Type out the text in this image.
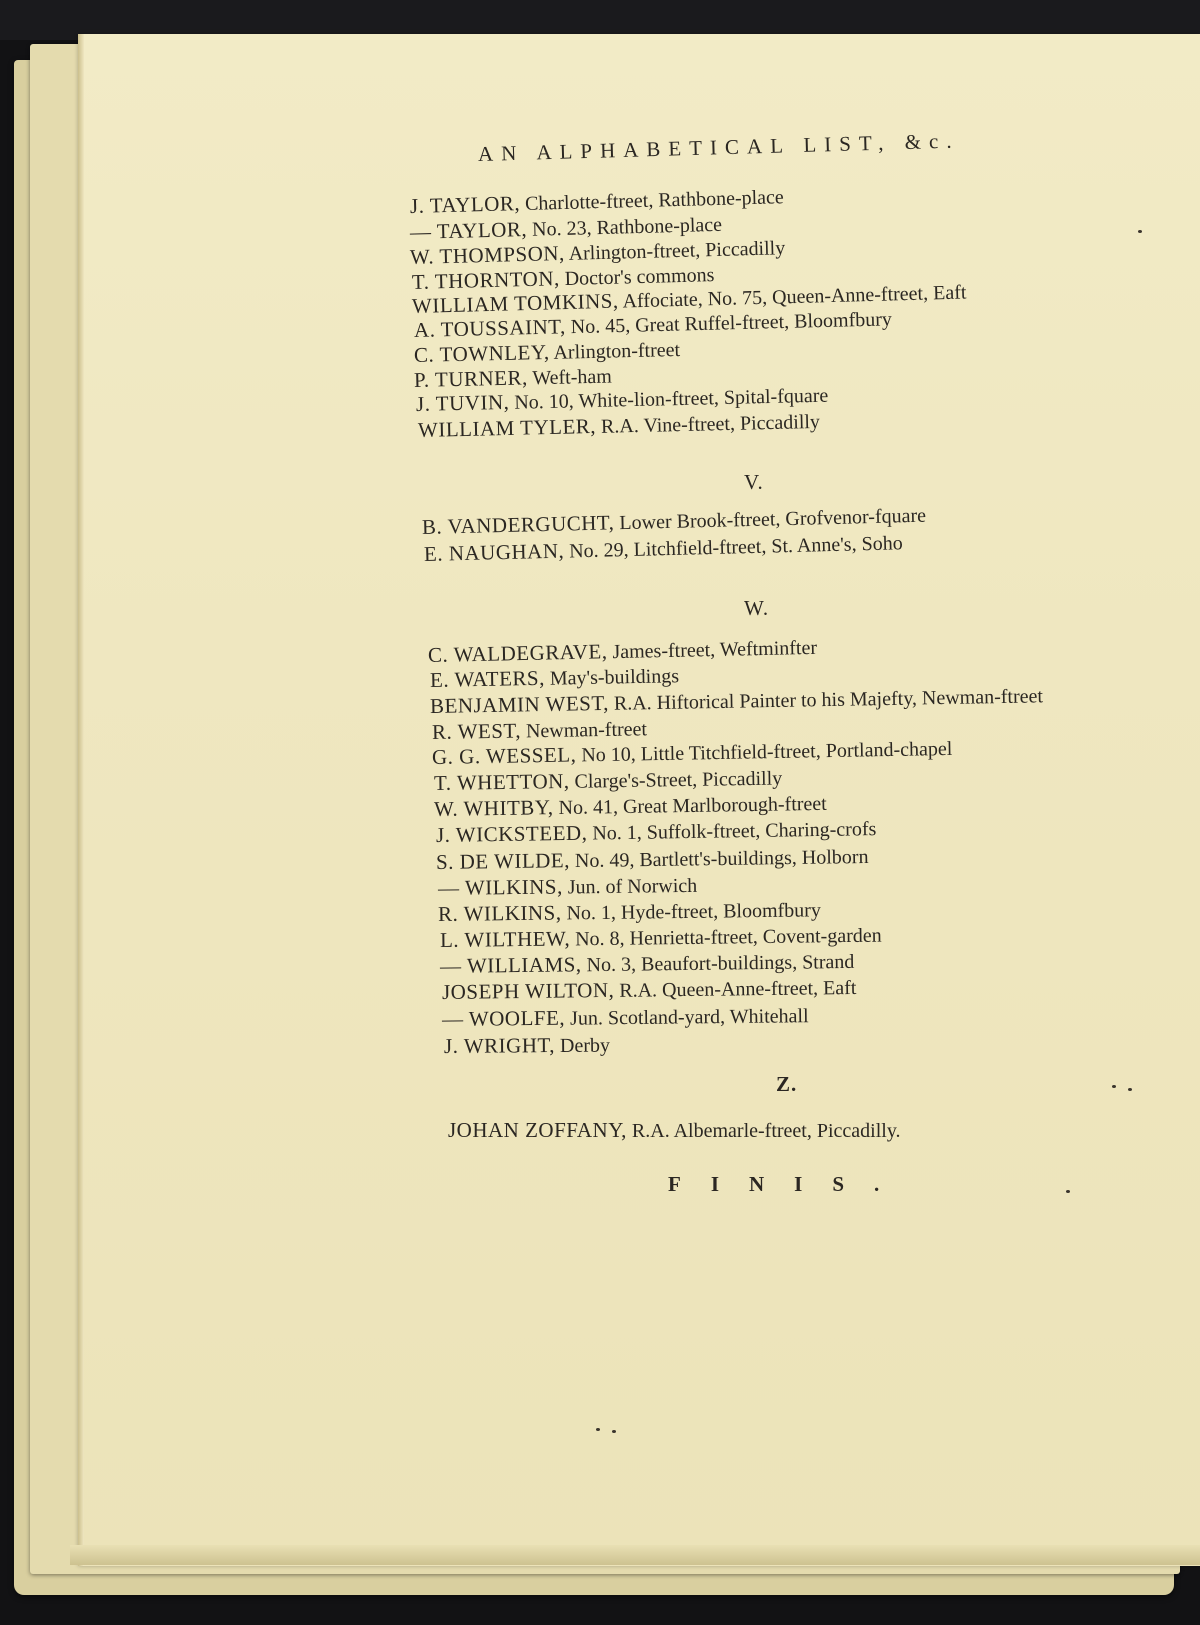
AN ALPHABETICAL LIST, &c.
J. TAYLOR, Charlotte-ftreet, Rathbone-place
— TAYLOR, No. 23, Rathbone-place
W. THOMPSON, Arlington-ftreet, Piccadilly
T. THORNTON, Doctor's commons
WILLIAM TOMKINS, Affociate, No. 75, Queen-Anne-ftreet, Eaft
A. TOUSSAINT, No. 45, Great Ruffel-ftreet, Bloomfbury
C. TOWNLEY, Arlington-ftreet
P. TURNER, Weft-ham
J. TUVIN, No. 10, White-lion-ftreet, Spital-fquare
WILLIAM TYLER, R.A. Vine-ftreet, Piccadilly
V.
B. VANDERGUCHT, Lower Brook-ftreet, Grofvenor-fquare
E. NAUGHAN, No. 29, Litchfield-ftreet, St. Anne's, Soho
W.
C. WALDEGRAVE, James-ftreet, Weftminfter
E. WATERS, May's-buildings
BENJAMIN WEST, R.A. Hiftorical Painter to his Majefty, Newman-ftreet
R. WEST, Newman-ftreet
G. G. WESSEL, No 10, Little Titchfield-ftreet, Portland-chapel
T. WHETTON, Clarge's-Street, Piccadilly
W. WHITBY, No. 41, Great Marlborough-ftreet
J. WICKSTEED, No. 1, Suffolk-ftreet, Charing-crofs
S. DE WILDE, No. 49, Bartlett's-buildings, Holborn
— WILKINS, Jun. of Norwich
R. WILKINS, No. 1, Hyde-ftreet, Bloomfbury
L. WILTHEW, No. 8, Henrietta-ftreet, Covent-garden
— WILLIAMS, No. 3, Beaufort-buildings, Strand
JOSEPH WILTON, R.A. Queen-Anne-ftreet, Eaft
— WOOLFE, Jun. Scotland-yard, Whitehall
J. WRIGHT, Derby
Z.
JOHAN ZOFFANY, R.A. Albemarle-ftreet, Piccadilly.
FINIS.
